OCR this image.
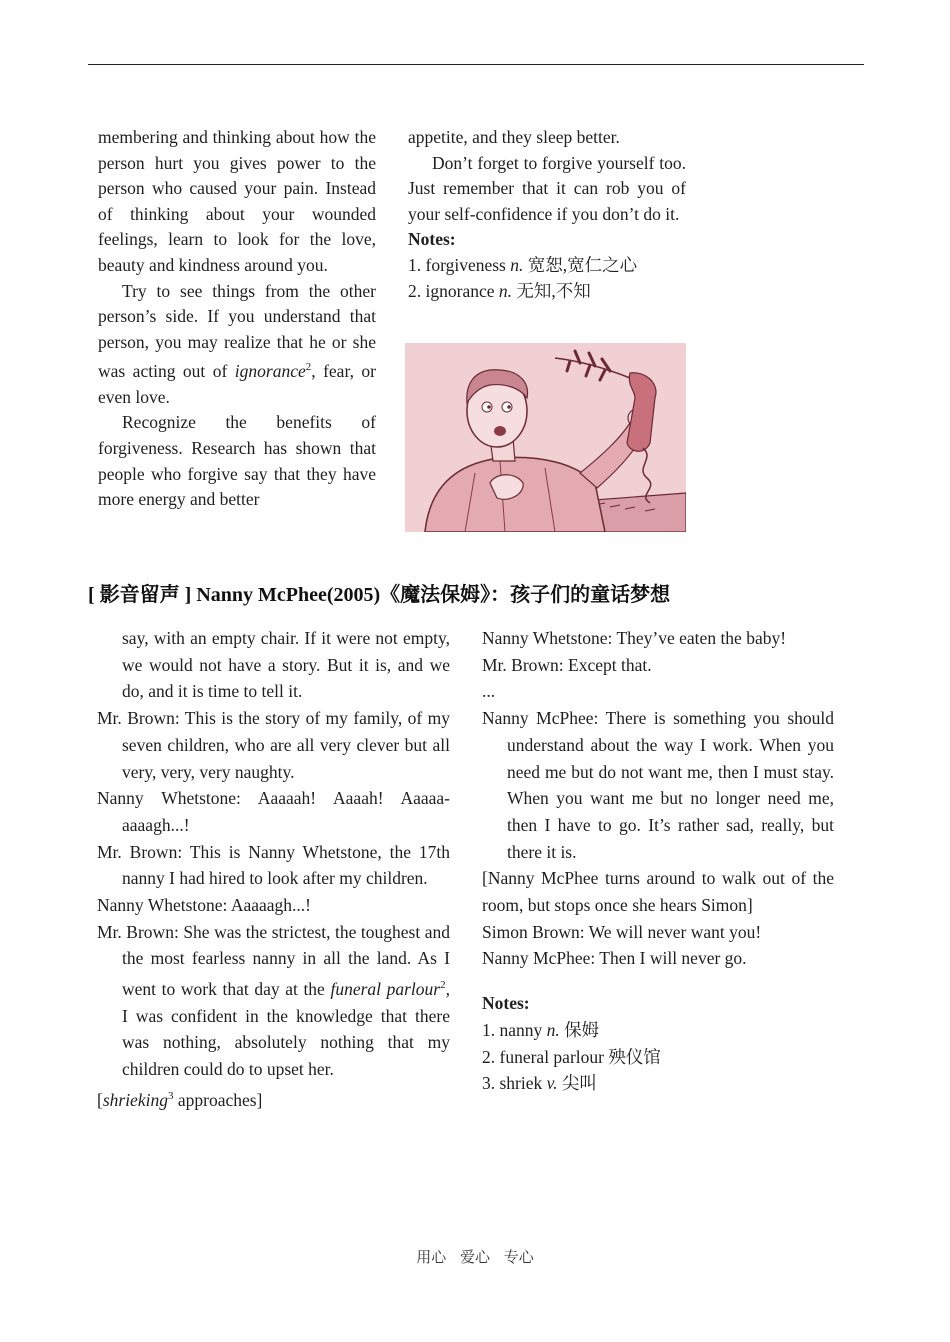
membering and thinking about how the person hurt you gives power to the person who caused your pain. Instead of thinking about your wounded feelings, learn to look for the love, beauty and kindness around you.

Try to see things from the other person’s side. If you understand that person, you may realize that he or she was acting out of ignorance$^2$, fear, or even love.

Recognize the benefits of forgiveness. Research has shown that people who forgive say that they have more energy and better

appetite, and they sleep better.

Don’t forget to forgive yourself too. Just remember that it can rob you of your self-confidence if you don’t do it.

Notes:

1. forgiveness n. 宽恕,宽仁之心

2. ignorance n. 无知,不知

[ 影音留声 ] Nanny McPhee(2005)《魔法保姆》：孩子们的童话梦想

say, with an empty chair. If it were not empty, we would not have a story. But it is, and we do, and it is time to tell it.

Mr. Brown: This is the story of my family, of my seven children, who are all very clever but all very, very, very naughty.

Nanny Whetstone: Aaaaah! Aaaah! Aaaaa-aaaagh...!

Mr. Brown: This is Nanny Whetstone, the 17th nanny I had hired to look after my children.

Nanny Whetstone: Aaaaagh...!

Mr. Brown: She was the strictest, the toughest and the most fearless nanny in all the land. As I went to work that day at the funeral parlour$^2$, I was confident in the knowledge that there was nothing, absolutely nothing that my children could do to upset her.

[shrieking$^3$ approaches]

Nanny Whetstone: They’ve eaten the baby!

Mr. Brown: Except that.

...

Nanny McPhee: There is something you should understand about the way I work. When you need me but do not want me, then I must stay. When you want me but no longer need me, then I have to go. It’s rather sad, really, but there it is.

[Nanny McPhee turns around to walk out of the room, but stops once she hears Simon]

Simon Brown: We will never want you!

Nanny McPhee: Then I will never go.

Notes:

1. nanny n. 保姆

2. funeral parlour 殃仪馆

3. shriek v. 尖叫

用心 爱心 专心
